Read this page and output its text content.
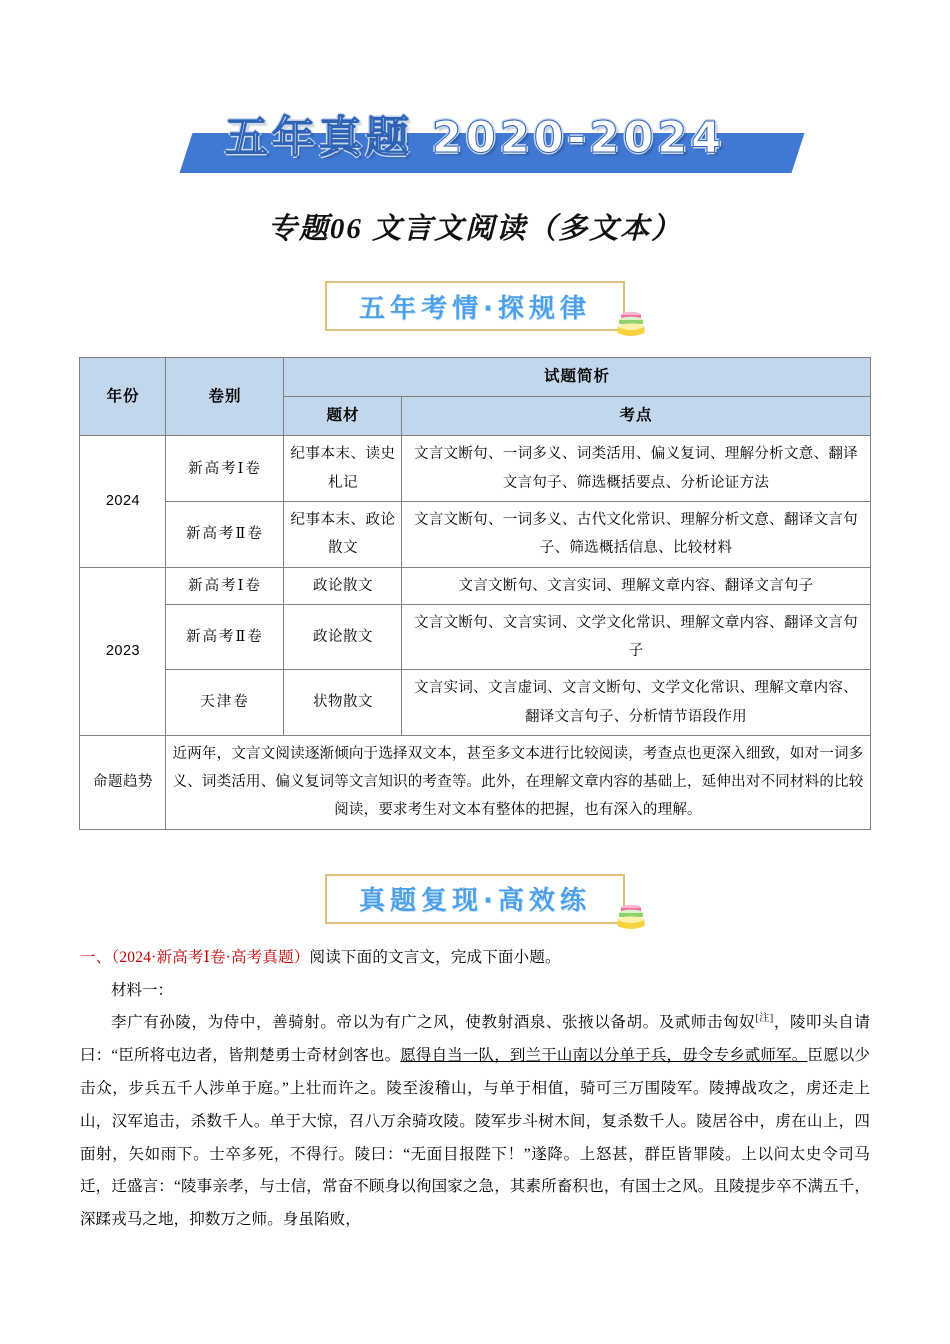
五年真题 2020-2024
专题06 文言文阅读（多文本）
五年考情·探规律
年份	卷别	试题简析	
		题材	考点
2024	新高考Ⅰ卷	纪事本末、读史札记	文言文断句、一词多义、词类活用、偏义复词、理解分析文意、翻译文言句子、筛选概括要点、分析论证方法
	新高考Ⅱ卷	纪事本末、政论散文	文言文断句、一词多义、古代文化常识、理解分析文意、翻译文言句子、筛选概括信息、比较材料
2023	新高考Ⅰ卷	政论散文	文言文断句、文言实词、理解文章内容、翻译文言句子
	新高考Ⅱ卷	政论散文	文言文断句、文言实词、文学文化常识、理解文章内容、翻译文言句子
	天津卷	状物散文	文言实词、文言虚词、文言文断句、文学文化常识、理解文章内容、翻译文言句子、分析情节语段作用
命题趋势	近两年，文言文阅读逐渐倾向于选择双文本，甚至多文本进行比较阅读，考查点也更深入细致，如对一词多义、词类活用、偏义复词等文言知识的考查等。此外，在理解文章内容的基础上，延伸出对不同材料的比较阅读，要求考生对文本有整体的把握，也有深入的理解。		
真题复现·高效练
一、（2024·新高考Ⅰ卷·高考真题）阅读下面的文言文，完成下面小题。
材料一：
李广有孙陵，为侍中，善骑射。帝以为有广之风，使教射酒泉、张掖以备胡。及贰师击匈奴[注]，陵叩头自请曰：“臣所将屯边者，皆荆楚勇士奇材剑客也。愿得自当一队，到兰干山南以分单于兵，毋令专乡贰师军。臣愿以少击众，步兵五千人涉单于庭。”上壮而许之。陵至浚稽山，与单于相值，骑可三万围陵军。陵搏战攻之，虏还走上山，汉军追击，杀数千人。单于大惊，召八万余骑攻陵。陵军步斗树木间，复杀数千人。陵居谷中，虏在山上，四面射，矢如雨下。士卒多死，不得行。陵曰：“无面目报陛下！”遂降。上怒甚，群臣皆罪陵。上以问太史令司马迁，迁盛言：“陵事亲孝，与士信，常奋不顾身以徇国家之急，其素所畜积也，有国士之风。且陵提步卒不满五千，深蹂戎马之地，抑数万之师。身虽陷败，
